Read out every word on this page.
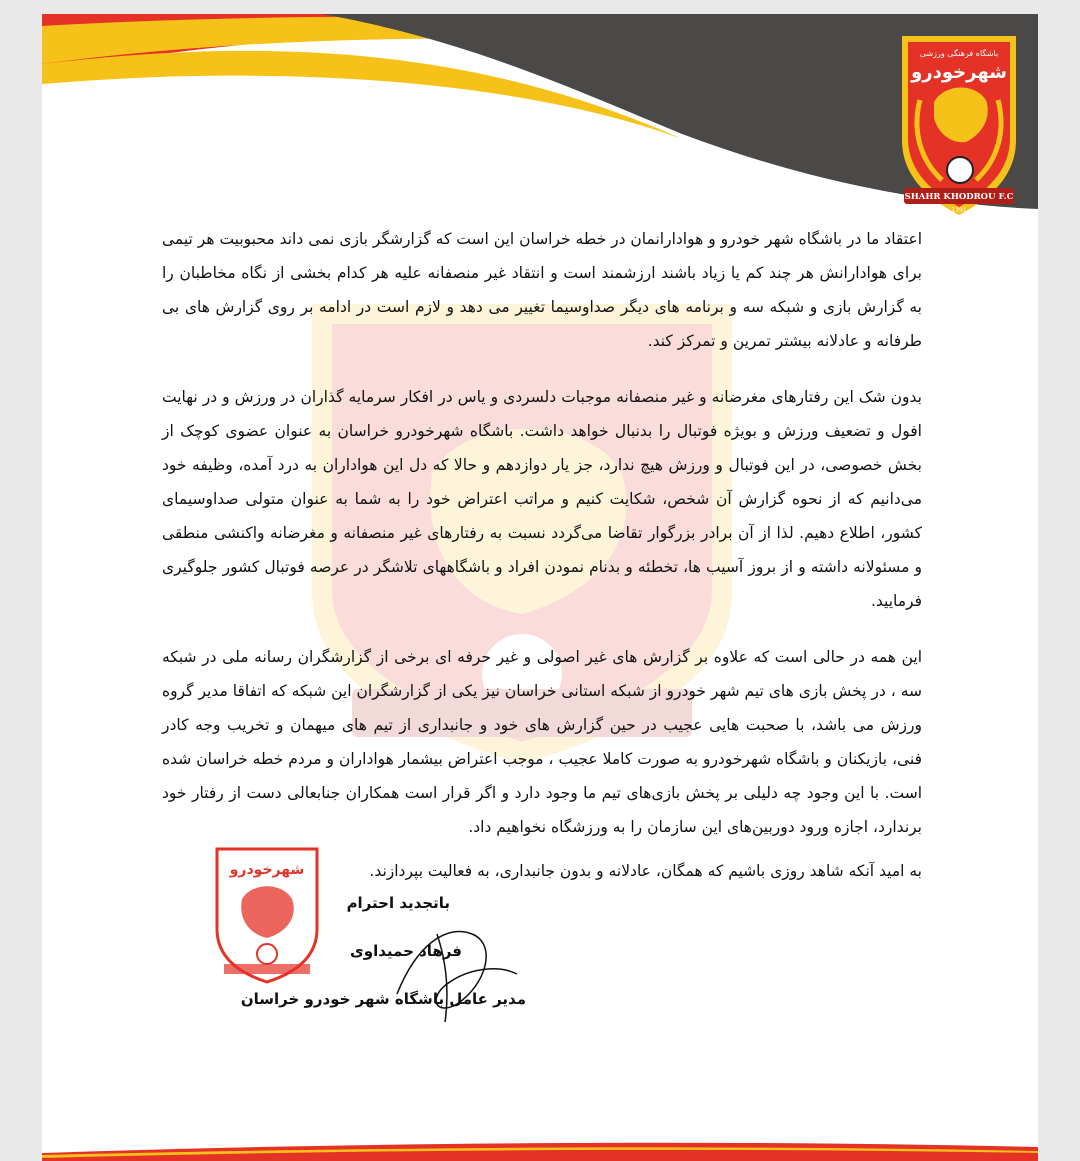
باشگاه فرهنگی ورزشی
شهرخودرو
SHAHR KHODROU F.C
1391

اعتقاد ما در باشگاه شهر خودرو و هوادارانمان در خطه خراسان این است که گزارشگر بازی نمی داند محبوبیت هر تیمی برای هوادارانش هر چند کم یا زیاد باشند ارزشمند است و انتقاد غیر منصفانه علیه هر کدام بخشی از نگاه مخاطبان را به گزارش بازی و شبکه سه و برنامه های دیگر صداوسیما تغییر می دهد و لازم است در ادامه بر روی گزارش های بی طرفانه و عادلانه بیشتر تمرین و تمرکز کند.

بدون شک این رفتارهای مغرضانه و غیر منصفانه موجبات دلسردی و یاس در افکار سرمایه گذاران در ورزش و در نهایت افول و تضعیف ورزش و بویژه فوتبال را بدنبال خواهد داشت. باشگاه شهرخودرو خراسان به عنوان عضوی کوچک از بخش خصوصی، در این فوتبال و ورزش هیچ ندارد، جز یار دوازدهم و حالا که دل این هواداران به درد آمده، وظیفه خود می‌دانیم که از نحوه گزارش آن شخص، شکایت کنیم و مراتب اعتراض خود را به شما به عنوان متولی صداوسیمای کشور، اطلاع دهیم. لذا از آن برادر بزرگوار تقاضا می‌گردد نسبت به رفتارهای غیر منصفانه و مغرضانه واکنشی منطقی و مسئولانه داشته و از بروز آسیب ها، تخطئه و بدنام نمودن افراد و باشگاههای تلاشگر در عرصه فوتبال کشور جلوگیری فرمایید.

این همه در حالی است که علاوه بر گزارش های غیر اصولی و غیر حرفه ای برخی از گزارشگران رسانه ملی در شبکه سه ، در پخش بازی های تیم شهر خودرو از شبکه استانی خراسان نیز یکی از گزارشگران این شبکه که اتفاقا مدیر گروه ورزش می باشد، با صحبت هایی عجیب در حین گزارش های خود و جانبداری از تیم های میهمان و تخریب وجه کادر فنی، بازیکنان و باشگاه شهرخودرو به صورت کاملا عجیب ، موجب اعتراض بیشمار هواداران و مردم خطه خراسان شده است. با این وجود چه دلیلی بر پخش بازی‌های تیم ما وجود دارد و اگر قرار است همکاران جنابعالی دست از رفتار خود برندارد، اجازه ورود دوربین‌های این سازمان را به ورزشگاه نخواهیم داد.

به امید آنکه شاهد روزی باشیم که همگان، عادلانه و بدون جانبداری، به فعالیت بپردازند.

شهرخودرو
باتجدید احترام
فرهاد حمیداوی
مدیر عامل باشگاه شهر خودرو خراسان
